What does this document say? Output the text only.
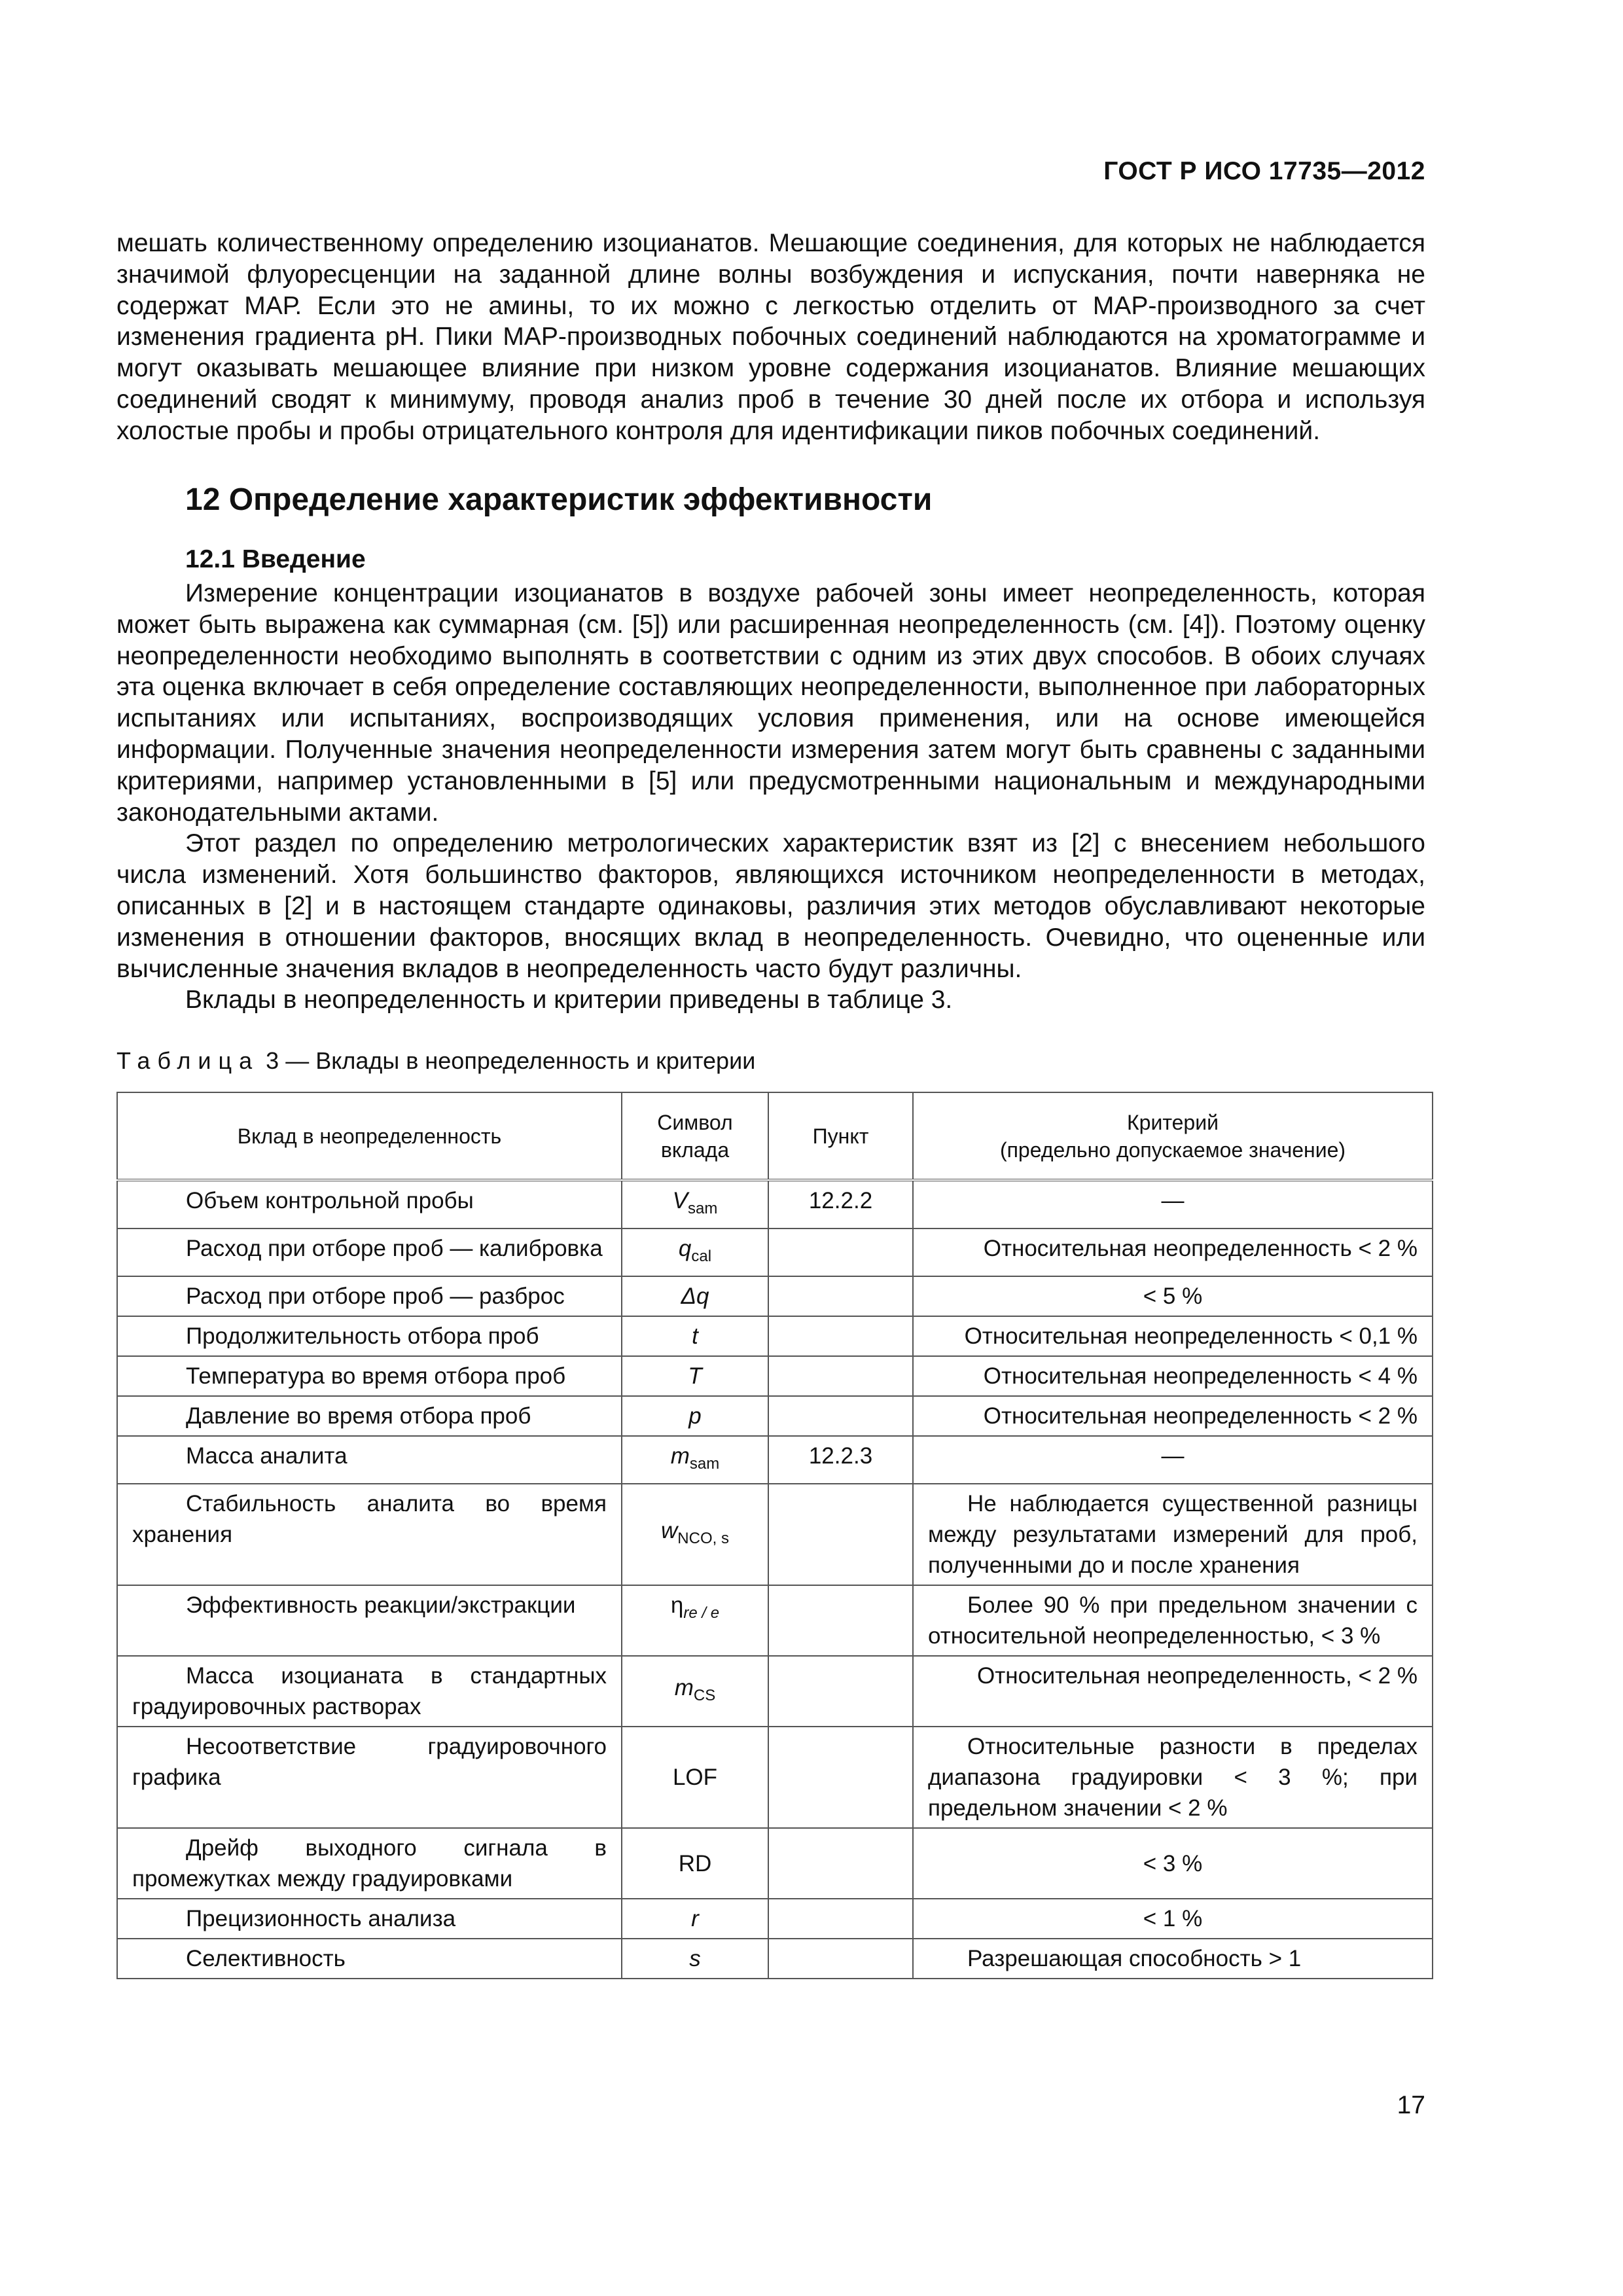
ГОСТ Р ИСО 17735—2012

мешать количественному определению изоцианатов. Мешающие соединения, для которых не наблюдается значимой флуоресценции на заданной длине волны возбуждения и испускания, почти наверняка не содержат МАР. Если это не амины, то их можно с легкостью отделить от МАР-производного за счет изменения градиента рН. Пики МАР-производных побочных соединений наблюдаются на хроматограмме и могут оказывать мешающее влияние при низком уровне содержания изоцианатов. Влияние мешающих соединений сводят к минимуму, проводя анализ проб в течение 30 дней после их отбора и используя холостые пробы и пробы отрицательного контроля для идентификации пиков побочных соединений.

12 Определение характеристик эффективности
12.1 Введение

Измерение концентрации изоцианатов в воздухе рабочей зоны имеет неопределенность, которая может быть выражена как суммарная (см. [5]) или расширенная неопределенность (см. [4]). Поэтому оценку неопределенности необходимо выполнять в соответствии с одним из этих двух способов. В обоих случаях эта оценка включает в себя определение составляющих неопределенности, выполненное при лабораторных испытаниях или испытаниях, воспроизводящих условия применения, или на основе имеющейся информации. Полученные значения неопределенности измерения затем могут быть сравнены с заданными критериями, например установленными в [5] или предусмотренными национальным и международными законодательными актами.

Этот раздел по определению метрологических характеристик взят из [2] с внесением небольшого числа изменений. Хотя большинство факторов, являющихся источником неопределенности в методах, описанных в [2] и в настоящем стандарте одинаковы, различия этих методов обуславливают некоторые изменения в отношении факторов, вносящих вклад в неопределенность. Очевидно, что оцененные или вычисленные значения вкладов в неопределенность часто будут различны.

Вклады в неопределенность и критерии приведены в таблице 3.

Таблица 3 — Вклады в неопределенность и критерии
Вклад в неопределенность	Символ вклада	Пункт	Критерий
(предельно допускаемое значение)

Объем контрольной пробы	$V_{sam}$	12.2.2	—
Расход при отборе проб — калибровка	$q_{cal}$		Относительная неопределенность < 2 %
Расход при отборе проб — разброс	Δq		< 5 %
Продолжительность отбора проб	t		Относительная неопределенность < 0,1 %
Температура во время отбора проб	T		Относительная неопределенность < 4 %
Давление во время отбора проб	p		Относительная неопределенность < 2 %
Масса аналита	$m_{sam}$	12.2.3	—
Стабильность аналита во время хранения	$w_{NCO, s}$		Не наблюдается существенной разницы между результатами измерений для проб, полученными до и после хранения
Эффективность реакции/экстракции	$\eta_{re / e}$		Более 90 % при предельном значении с относительной неопределенностью, < 3 %
Масса изоцианата в стандартных градуировочных растворах	$m_{CS}$		Относительная неопределенность, < 2 %
Несоответствие градуировочного графика	LOF		Относительные разности в пределах диапазона градуировки < 3 %; при предельном значении < 2 %
Дрейф выходного сигнала в промежутках между градуировками	RD		< 3 %
Прецизионность анализа	r		< 1 %
Селективность	s		Разрешающая способность > 1
17
